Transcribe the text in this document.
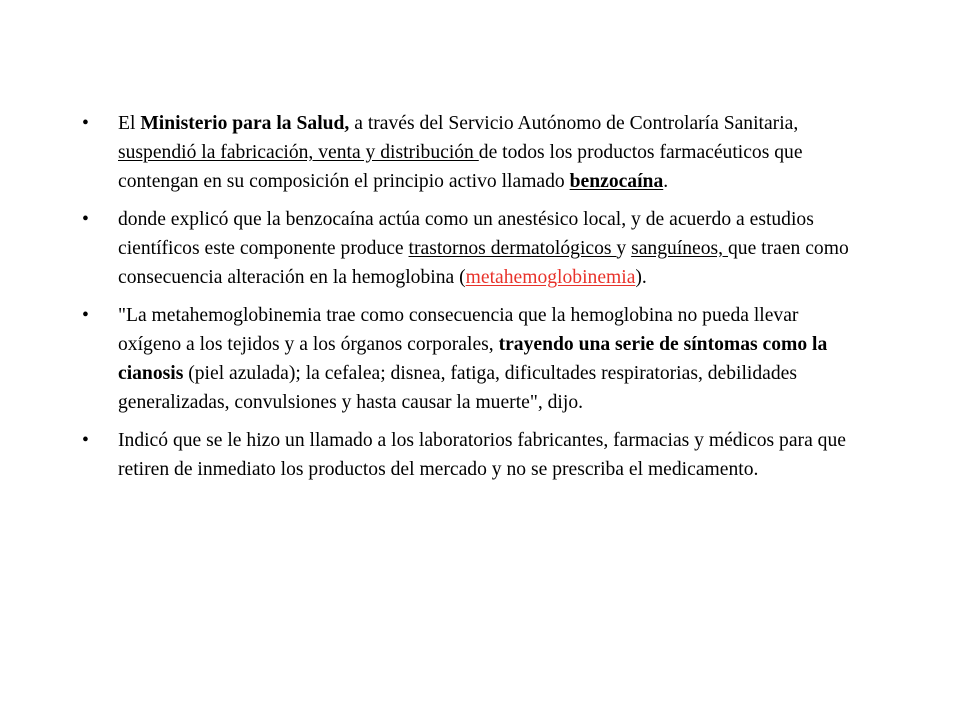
•	El Ministerio para la Salud, a través del Servicio Autónomo de Controlaría Sanitaria, suspendió la fabricación, venta y distribución de todos los productos farmacéuticos que contengan en su composición el principio activo llamado benzocaína.
•	donde explicó que la benzocaína actúa como un anestésico local, y de acuerdo a estudios científicos este componente produce trastornos dermatológicos y sanguíneos, que traen como consecuencia alteración en la hemoglobina (metahemoglobinemia).
•	"La metahemoglobinemia trae como consecuencia que la hemoglobina no pueda llevar oxígeno a los tejidos y a los órganos corporales, trayendo una serie de síntomas como la cianosis (piel azulada); la cefalea; disnea, fatiga, dificultades respiratorias, debilidades generalizadas, convulsiones y hasta causar la muerte", dijo.
•	Indicó que se le hizo un llamado a los laboratorios fabricantes, farmacias y médicos para que retiren de inmediato los productos del mercado y no se prescriba el medicamento.
